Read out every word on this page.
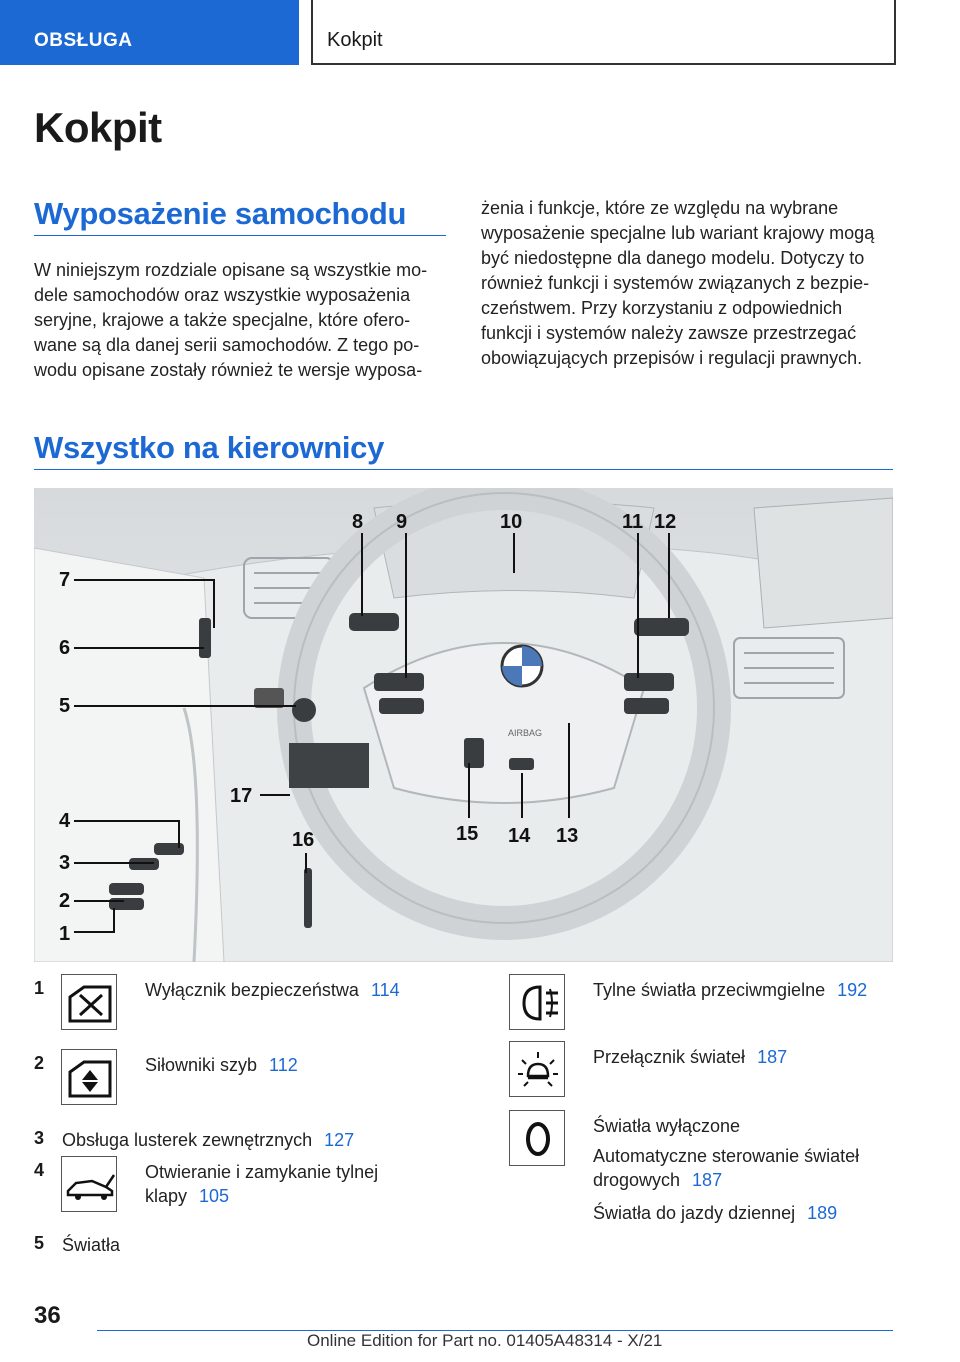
OBSŁUGA	Kokpit
Kokpit
Wyposażenie samochodu
W niniejszym rozdziale opisane są wszystkie mo‐
dele samochodów oraz wszystkie wyposażenia
seryjne, krajowe a także specjalne, które ofero‐
wane są dla danej serii samochodów. Z tego po‐
wodu opisane zostały również te wersje wyposa‐
żenia i funkcje, które ze względu na wybrane
wyposażenie specjalne lub wariant krajowy mogą
być niedostępne dla danego modelu. Dotyczy to
również funkcji i systemów związanych z bezpie‐
czeństwem. Przy korzystaniu z odpowiednich
funkcji i systemów należy zawsze przestrzegać
obowiązujących przepisów i regulacji prawnych.
Wszystko na kierownicy
AIRBAG
7
6
5
4
3
2
1
8 9	10	11 12
13
14
15
16
17
1	Wyłącznik bezpieczeństwa 114
2	Siłowniki szyb 112
3 Obsługa lusterek zewnętrznych 127
4	Otwieranie i zamykanie tylnej
klapy 105
5 Światła
Tylne światła przeciwmgielne 192
Przełącznik świateł 187
Światła wyłączone
Automatyczne sterowanie świateł
drogowych 187
Światła do jazdy dziennej 189
36
Online Edition for Part no. 01405A48314 - X/21
